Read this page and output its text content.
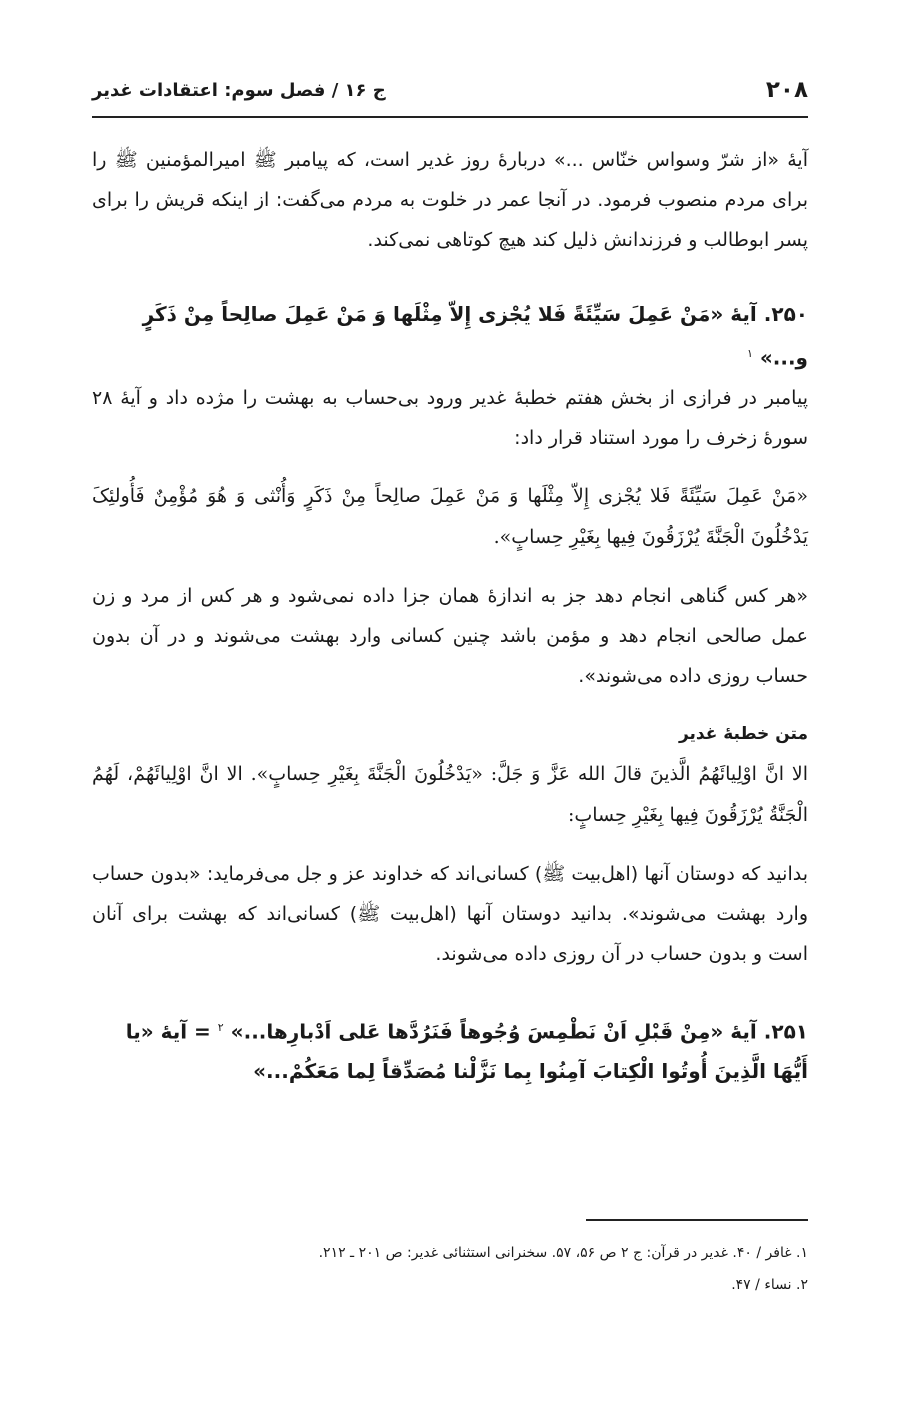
۲۰۸
ج ۱۶ / فصل سوم: اعتقادات غدیر

آیۀ «از شرّ وسواس خنّاس ...» دربارۀ روز غدیر است، که پیامبر ﷺ امیرالمؤمنین ﷺ را برای مردم منصوب فرمود. در آنجا عمر در خلوت به مردم می‌گفت: از اینکه قریش را برای پسر ابوطالب و فرزندانش ذلیل کند هیچ کوتاهی نمی‌کند.

۲۵۰. آیۀ «مَنْ عَمِلَ سَیِّئَةً فَلا یُجْزی إِلاّ مِثْلَها وَ مَنْ عَمِلَ صالِحاً مِنْ ذَکَرٍ و...» $^۱$

پیامبر در فرازی از بخش هفتم خطبۀ غدیر ورود بی‌حساب به بهشت را مژده داد و آیۀ ۲۸ سورۀ زخرف را مورد استناد قرار داد:

«مَنْ عَمِلَ سَیِّئَةً فَلا یُجْزی إِلاّ مِثْلَها وَ مَنْ عَمِلَ صالِحاً مِنْ ذَکَرٍ وَأُنْثی وَ هُوَ مُؤْمِنٌ فَأُولئِکَ یَدْخُلُونَ الْجَنَّةَ یُرْزَقُونَ فِیها بِغَیْرِ حِسابٍ».

«هر کس گناهی انجام دهد جز به اندازۀ همان جزا داده نمی‌شود و هر کس از مرد و زن عمل صالحی انجام دهد و مؤمن باشد چنین کسانی وارد بهشت می‌شوند و در آن بدون حساب روزی داده می‌شوند».

متن خطبۀ غدیر

الا انَّ اوْلِیائَهُمُ الَّذینَ قالَ الله عَزَّ وَ جَلَّ: «یَدْخُلُونَ الْجَنَّةَ بِغَیْرِ حِسابٍ». الا انَّ اوْلِیائَهُمْ، لَهُمُ الْجَنَّةُ یُرْزَقُونَ فِیها بِغَیْرِ حِسابٍ:

بدانید که دوستان آنها (اهل‌بیت ﷺ) کسانی‌اند که خداوند عز و جل می‌فرماید: «بدون حساب وارد بهشت می‌شوند». بدانید دوستان آنها (اهل‌بیت ﷺ) کسانی‌اند که بهشت برای آنان است و بدون حساب در آن روزی داده می‌شوند.

۲۵۱. آیۀ «مِنْ قَبْلِ اَنْ نَطْمِسَ وُجُوهاً فَنَرُدَّها عَلی اَدْبارِها...» $^۲$ = آیۀ «یا أَیُّهَا الَّذِینَ أُوتُوا الْکِتابَ آمِنُوا بِما نَزَّلْنا مُصَدِّقاً لِما مَعَکُمْ...»

۱. غافر / ۴۰. غدیر در قرآن: ج ۲ ص ۵۶، ۵۷. سخنرانی استثنائی غدیر: ص ۲۰۱ ـ ۲۱۲.

۲. نساء / ۴۷.
